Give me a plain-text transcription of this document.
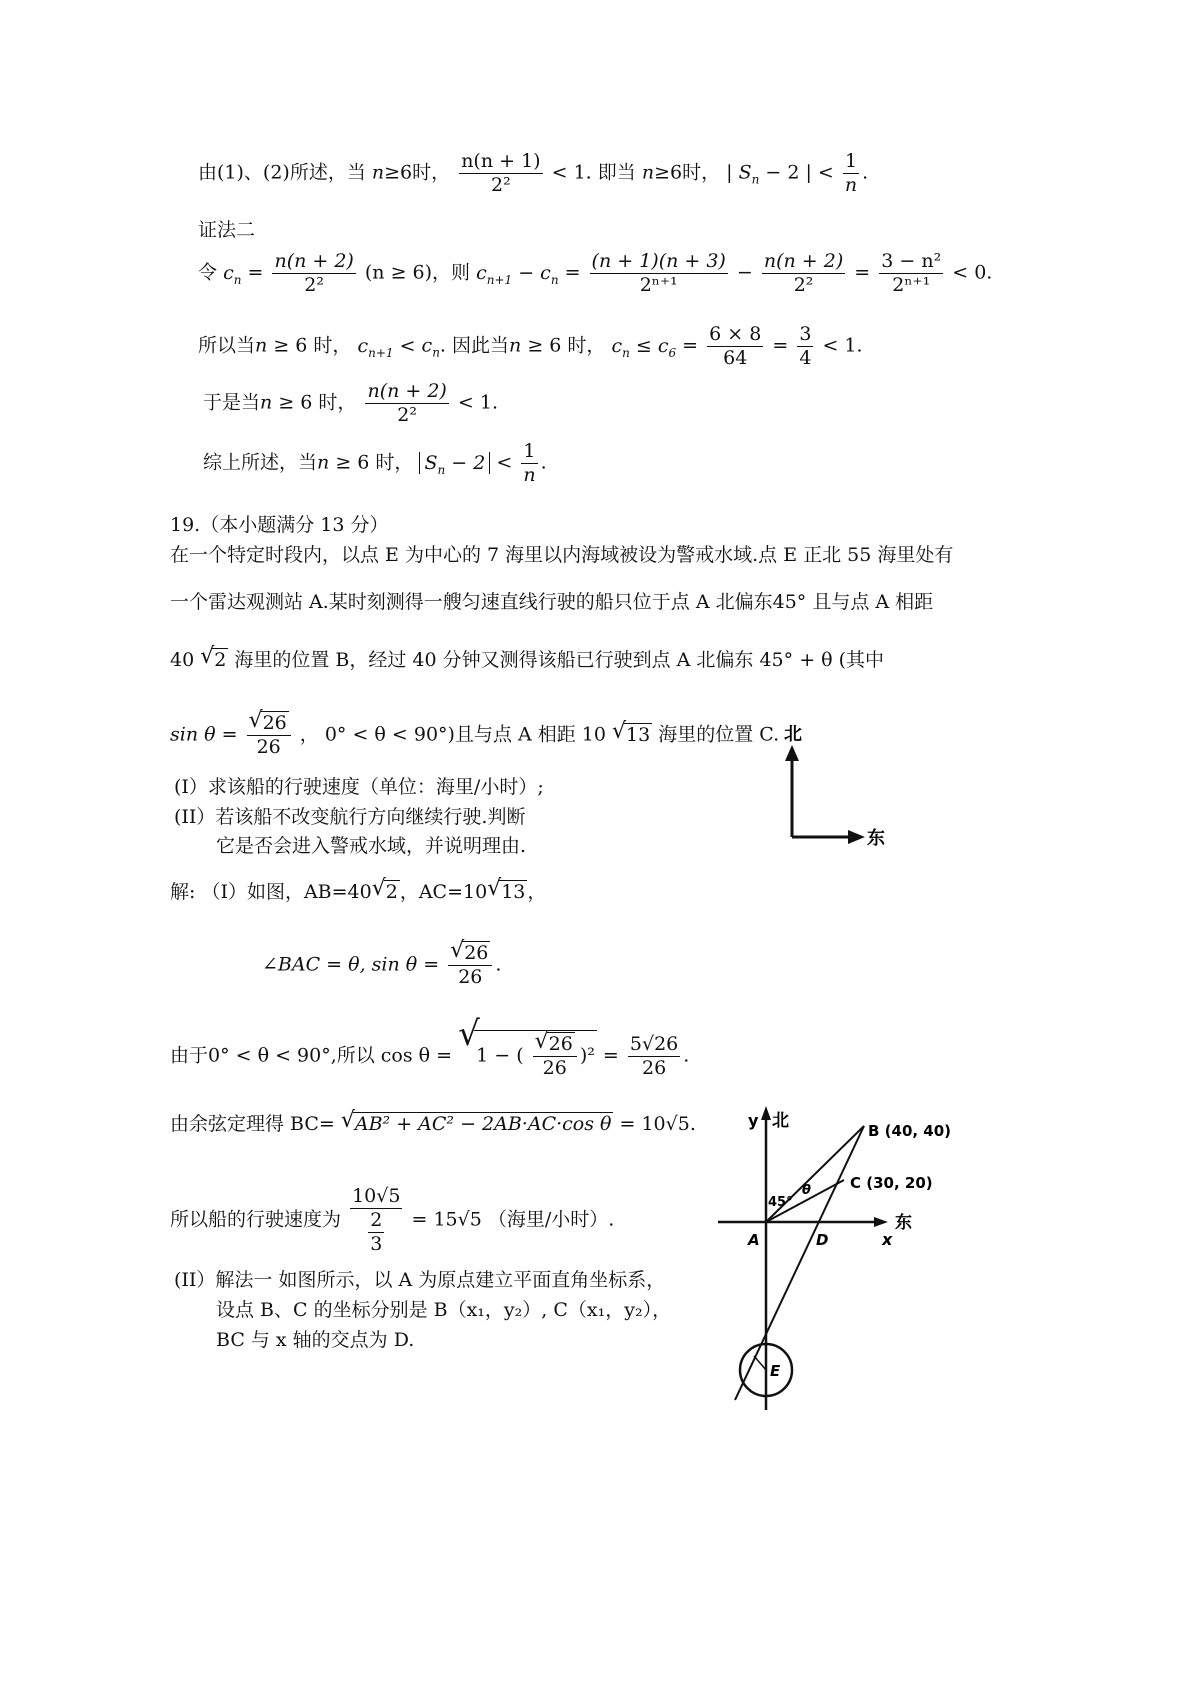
由(1)、(2)所述，当 n≥6时， $\frac{n(n + 1)}{\text{2²}} < 1$. 即当 n≥6时， | $S_n - 2$ | < $\frac{1}{n}$ .
证法二
令 $c_n = \frac{n(n + 2)}{\text{2²}} (n \ge 6)$，则 $c_{n+1} - c_n = \frac{(n + 1)(n + 3)}{\text{2ⁿ⁺¹}} - \frac{n(n + 2)}{\text{2²}} = \frac{\text{3 − n²}}{\text{2ⁿ⁺¹}} < 0$.
所以当n ≥ 6 时， $c_{n+1} < c_n$. 因此当n ≥ 6 时， $c_n \le c_6 = \frac{6 \times 8}{64} = \frac{3}{4} < 1$.
于是当n ≥ 6 时， $\frac{n(n + 2)}{\text{2²}} < 1$.
综上所述，当n ≥ 6 时， $S_n - 2 < \frac{1}{n}$ .
19.（本小题满分 13 分）
在一个特定时段内，以点 E 为中心的 7 海里以内海域被设为警戒水域.点 E 正北 55 海里处有
一个雷达观测站 A.某时刻测得一艘匀速直线行驶的船只位于点 A 北偏东45° 且与点 A 相距
40 √ 2 海里的位置 B，经过 40 分钟又测得该船已行驶到点 A 北偏东 45° + θ (其中
$\sin \theta = \frac{√ 26}{26}$ ， 0° < θ < 90°)且与点 A 相距 10 √ 13 海里的位置 C.
(I）求该船的行驶速度（单位：海里/小时）;
(II）若该船不改变航行方向继续行驶.判断
它是否会进入警戒水域，并说明理由.
北
东
解: （I）如图，AB=40 √ 2 ，AC=10 √ 13 ，
∠BAC = θ, $\sin \theta = \frac{√ 26}{26}$ .
由于0° < θ < 90°,所以 cos θ =
√
1 − ( $\frac{√ 26}{26} )^2 = \frac{5√26}{26}$ .
由余弦定理得 BC= √ AB² + AC² − 2AB·AC·cos θ = 10√5.
所以船的行驶速度为 $\frac{10√5}{\frac{2}{3}} = 15√5$ （海里/小时）.
(II）解法一 如图所示，以 A 为原点建立平面直角坐标系，
设点 B、C 的坐标分别是 B（x₁，y₂）, C（x₁，y₂），
BC 与 x 轴的交点为 D.
y 北
x
东
E
B (40, 40)
C (30, 20)
A	D
45°
θ
